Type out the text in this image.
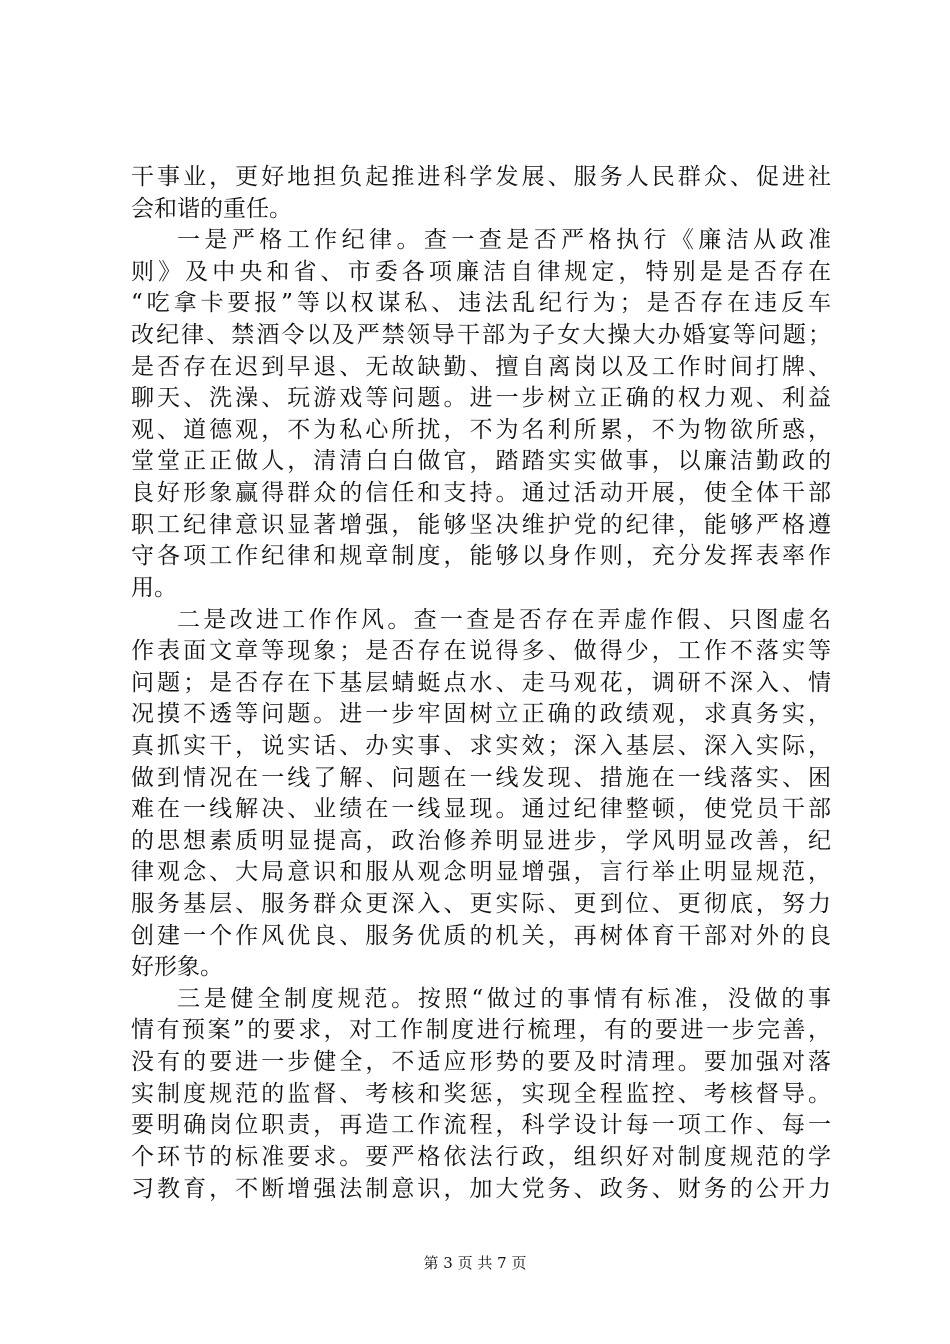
干事业，更好地担负起推进科学发展、服务人民群众、促进社
会和谐的重任。
一是严格工作纪律。查一查是否严格执行《廉洁从政准
则》及中央和省、市委各项廉洁自律规定，特别是是否存在
“吃拿卡要报”等以权谋私、违法乱纪行为；是否存在违反车
改纪律、禁酒令以及严禁领导干部为子女大操大办婚宴等问题；
是否存在迟到早退、无故缺勤、擅自离岗以及工作时间打牌、
聊天、洗澡、玩游戏等问题。进一步树立正确的权力观、利益
观、道德观，不为私心所扰，不为名利所累，不为物欲所惑，
堂堂正正做人，清清白白做官，踏踏实实做事，以廉洁勤政的
良好形象赢得群众的信任和支持。通过活动开展，使全体干部
职工纪律意识显著增强，能够坚决维护党的纪律，能够严格遵
守各项工作纪律和规章制度，能够以身作则，充分发挥表率作
用。
二是改进工作作风。查一查是否存在弄虚作假、只图虚名
作表面文章等现象；是否存在说得多、做得少，工作不落实等
问题；是否存在下基层蜻蜓点水、走马观花，调研不深入、情
况摸不透等问题。进一步牢固树立正确的政绩观，求真务实，
真抓实干，说实话、办实事、求实效；深入基层、深入实际，
做到情况在一线了解、问题在一线发现、措施在一线落实、困
难在一线解决、业绩在一线显现。通过纪律整顿，使党员干部
的思想素质明显提高，政治修养明显进步，学风明显改善，纪
律观念、大局意识和服从观念明显增强，言行举止明显规范，
服务基层、服务群众更深入、更实际、更到位、更彻底，努力
创建一个作风优良、服务优质的机关，再树体育干部对外的良
好形象。
三是健全制度规范。按照“做过的事情有标准，没做的事
情有预案”的要求，对工作制度进行梳理，有的要进一步完善，
没有的要进一步健全，不适应形势的要及时清理。要加强对落
实制度规范的监督、考核和奖惩，实现全程监控、考核督导。
要明确岗位职责，再造工作流程，科学设计每一项工作、每一
个环节的标准要求。要严格依法行政，组织好对制度规范的学
习教育，不断增强法制意识，加大党务、政务、财务的公开力
第 3 页 共 7 页
